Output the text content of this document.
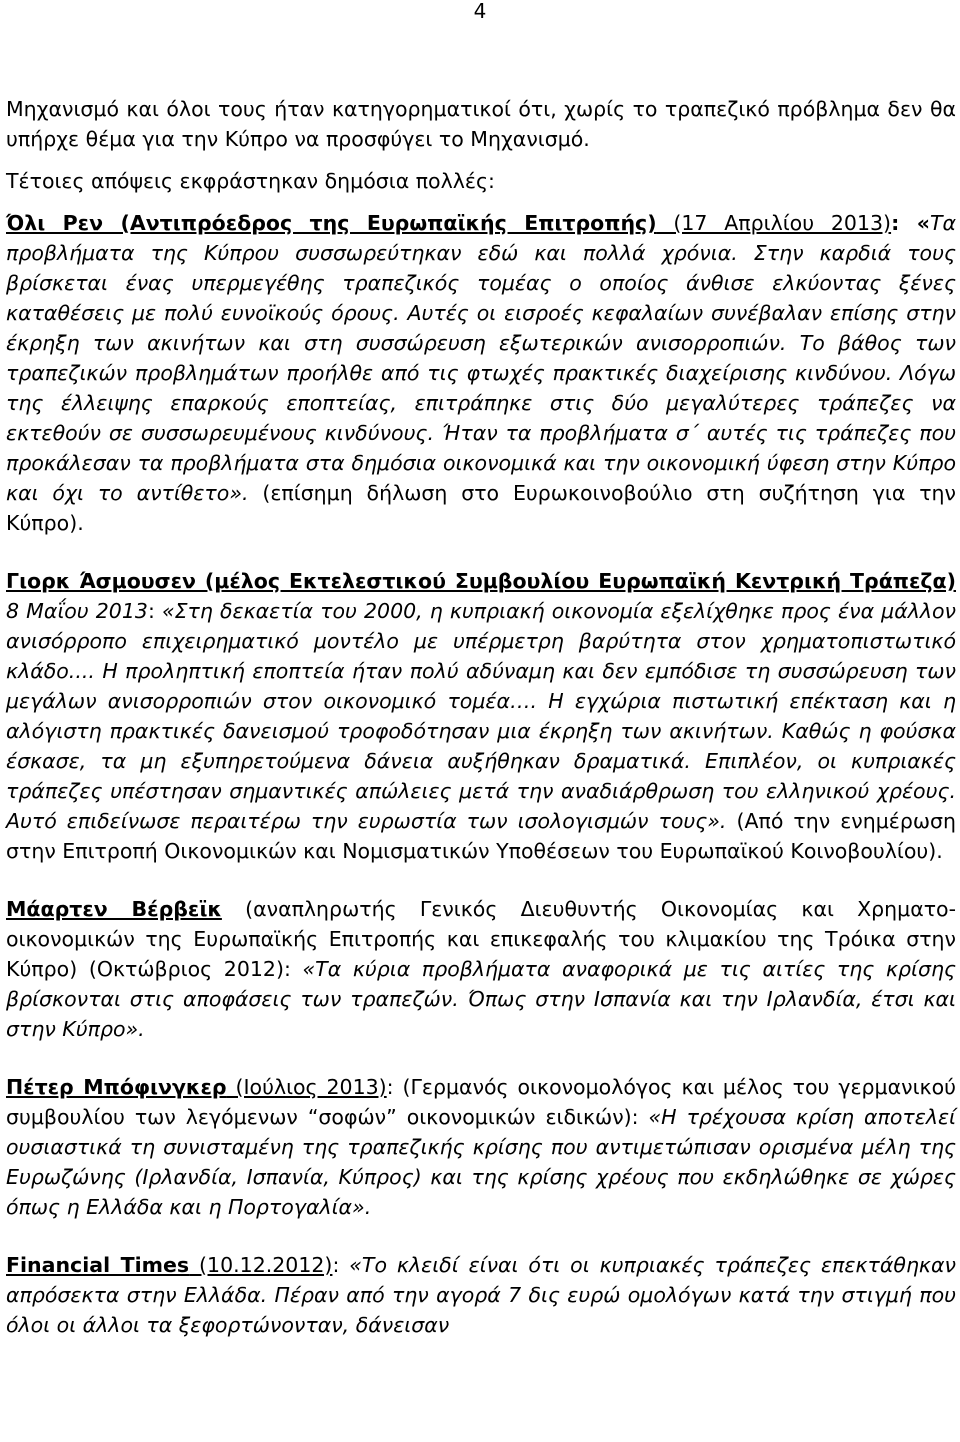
4

Μηχανισμό και όλοι τους ήταν κατηγορηματικοί ότι, χωρίς το τραπεζικό πρόβλημα δεν θα υπήρχε θέμα για την Κύπρο να προσφύγει το Μηχανισμό.

Τέτοιες απόψεις εκφράστηκαν δημόσια πολλές:

Όλι Ρεν (Αντιπρόεδρος της Ευρωπαϊκής Επιτροπής) (17 Απριλίου 2013): «Τα προβλήματα της Κύπρου συσσωρεύτηκαν εδώ και πολλά χρόνια. Στην καρδιά τους βρίσκεται ένας υπερμεγέθης τραπεζικός τομέας ο οποίος άνθισε ελκύοντας ξένες καταθέσεις με πολύ ευνοϊκούς όρους. Αυτές οι εισροές κεφαλαίων συνέβαλαν επίσης στην έκρηξη των ακινήτων και στη συσσώρευση εξωτερικών ανισορροπιών. Το βάθος των τραπεζικών προβλημάτων προήλθε από τις φτωχές πρακτικές διαχείρισης κινδύνου. Λόγω της έλλειψης επαρκούς εποπτείας, επιτράπηκε στις δύο μεγαλύτερες τράπεζες να εκτεθούν σε συσσωρευμένους κινδύνους. Ήταν τα προβλήματα σ΄ αυτές τις τράπεζες που προκάλεσαν τα προβλήματα στα δημόσια οικονομικά και την οικονομική ύφεση στην Κύπρο και όχι το αντίθετο». (επίσημη δήλωση στο Ευρωκοινοβούλιο στη συζήτηση για την Κύπρο).

Γιορκ Άσμουσεν (μέλος Εκτελεστικού Συμβουλίου Ευρωπαϊκή Κεντρική Τράπεζα) 8 Μαΐου 2013: «Στη δεκαετία του 2000, η κυπριακή οικονομία εξελίχθηκε προς ένα μάλλον ανισόρροπο επιχειρηματικό μοντέλο με υπέρμετρη βαρύτητα στον χρηματοπιστωτικό κλάδο.... Η προληπτική εποπτεία ήταν πολύ αδύναμη και δεν εμπόδισε τη συσσώρευση των μεγάλων ανισορροπιών στον οικονομικό τομέα…. Η εγχώρια πιστωτική επέκταση και η αλόγιστη πρακτικές δανεισμού τροφοδότησαν μια έκρηξη των ακινήτων. Καθώς η φούσκα έσκασε, τα μη εξυπηρετούμενα δάνεια αυξήθηκαν δραματικά. Επιπλέον, οι κυπριακές τράπεζες υπέστησαν σημαντικές απώλειες μετά την αναδιάρθρωση του ελληνικού χρέους. Αυτό επιδείνωσε περαιτέρω την ευρωστία των ισολογισμών τους». (Από την ενημέρωση στην Επιτροπή Οικονομικών και Νομισματικών Υποθέσεων του Ευρωπαϊκού Κοινοβουλίου).

Μάαρτεν Βέρβεϊκ (αναπληρωτής Γενικός Διευθυντής Οικονομίας και Χρηματο-οικονομικών της Ευρωπαϊκής Επιτροπής και επικεφαλής του κλιμακίου της Τρόικα στην Κύπρο) (Οκτώβριος 2012): «Τα κύρια προβλήματα αναφορικά με τις αιτίες της κρίσης βρίσκονται στις αποφάσεις των τραπεζών. Όπως στην Ισπανία και την Ιρλανδία, έτσι και στην Κύπρο».

Πέτερ Μπόφινγκερ (Ιούλιος 2013): (Γερμανός οικονομολόγος και μέλος του γερμανικού συμβουλίου των λεγόμενων “σοφών” οικονομικών ειδικών): «Η τρέχουσα κρίση αποτελεί ουσιαστικά τη συνισταμένη της τραπεζικής κρίσης που αντιμετώπισαν ορισμένα μέλη της Ευρωζώνης (Ιρλανδία, Ισπανία, Κύπρος) και της κρίσης χρέους που εκδηλώθηκε σε χώρες όπως η Ελλάδα και η Πορτογαλία».

Financial Times (10.12.2012): «Το κλειδί είναι ότι οι κυπριακές τράπεζες επεκτάθηκαν απρόσεκτα στην Ελλάδα. Πέραν από την αγορά 7 δις ευρώ ομολόγων κατά την στιγμή που όλοι οι άλλοι τα ξεφορτώνονταν, δάνεισαν
